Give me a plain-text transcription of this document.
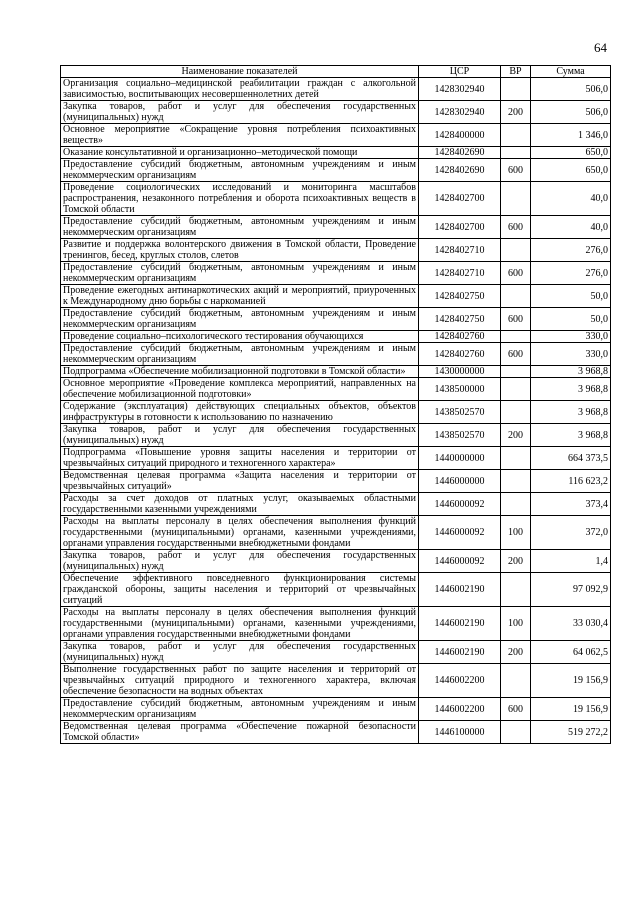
64
Наименование показателей	ЦСР	ВР	Сумма
Организация социально–медицинской реабилитации граждан с алкогольной зависимостью, воспитывающих несовершеннолетних детей	1428302940		506,0
Закупка товаров, работ и услуг для обеспечения государственных (муниципальных) нужд	1428302940	200	506,0
Основное мероприятие «Сокращение уровня потребления психоактивных веществ»	1428400000		1 346,0
Оказание консультативной и организационно–методической помощи	1428402690		650,0
Предоставление субсидий бюджетным, автономным учреждениям и иным некоммерческим организациям	1428402690	600	650,0
Проведение социологических исследований и мониторинга масштабов распространения, незаконного потребления и оборота психоактивных веществ в Томской области	1428402700		40,0
Предоставление субсидий бюджетным, автономным учреждениям и иным некоммерческим организациям	1428402700	600	40,0
Развитие и поддержка волонтерского движения в Томской области, Проведение тренингов, бесед, круглых столов, слетов	1428402710		276,0
Предоставление субсидий бюджетным, автономным учреждениям и иным некоммерческим организациям	1428402710	600	276,0
Проведение ежегодных антинаркотических акций и мероприятий, приуроченных к Международному дню борьбы с наркоманией	1428402750		50,0
Предоставление субсидий бюджетным, автономным учреждениям и иным некоммерческим организациям	1428402750	600	50,0
Проведение социально–психологического тестирования обучающихся	1428402760		330,0
Предоставление субсидий бюджетным, автономным учреждениям и иным некоммерческим организациям	1428402760	600	330,0
Подпрограмма «Обеспечение мобилизационной подготовки в Томской области»	1430000000		3 968,8
Основное мероприятие «Проведение комплекса мероприятий, направленных на обеспечение мобилизационной подготовки»	1438500000		3 968,8
Содержание (эксплуатация) действующих специальных объектов, объектов инфраструктуры в готовности к использованию по назначению	1438502570		3 968,8
Закупка товаров, работ и услуг для обеспечения государственных (муниципальных) нужд	1438502570	200	3 968,8
Подпрограмма «Повышение уровня защиты населения и территории от чрезвычайных ситуаций природного и техногенного характера»	1440000000		664 373,5
Ведомственная целевая программа «Защита населения и территории от чрезвычайных ситуаций»	1446000000		116 623,2
Расходы за счет доходов от платных услуг, оказываемых областными государственными казенными учреждениями	1446000092		373,4
Расходы на выплаты персоналу в целях обеспечения выполнения функций государственными (муниципальными) органами, казенными учреждениями, органами управления государственными внебюджетными фондами	1446000092	100	372,0
Закупка товаров, работ и услуг для обеспечения государственных (муниципальных) нужд	1446000092	200	1,4
Обеспечение эффективного повседневного функционирования системы гражданской обороны, защиты населения и территорий от чрезвычайных ситуаций	1446002190		97 092,9
Расходы на выплаты персоналу в целях обеспечения выполнения функций государственными (муниципальными) органами, казенными учреждениями, органами управления государственными внебюджетными фондами	1446002190	100	33 030,4
Закупка товаров, работ и услуг для обеспечения государственных (муниципальных) нужд	1446002190	200	64 062,5
Выполнение государственных работ по защите населения и территорий от чрезвычайных ситуаций природного и техногенного характера, включая обеспечение безопасности на водных объектах	1446002200		19 156,9
Предоставление субсидий бюджетным, автономным учреждениям и иным некоммерческим организациям	1446002200	600	19 156,9
Ведомственная целевая программа «Обеспечение пожарной безопасности Томской области»	1446100000		519 272,2
